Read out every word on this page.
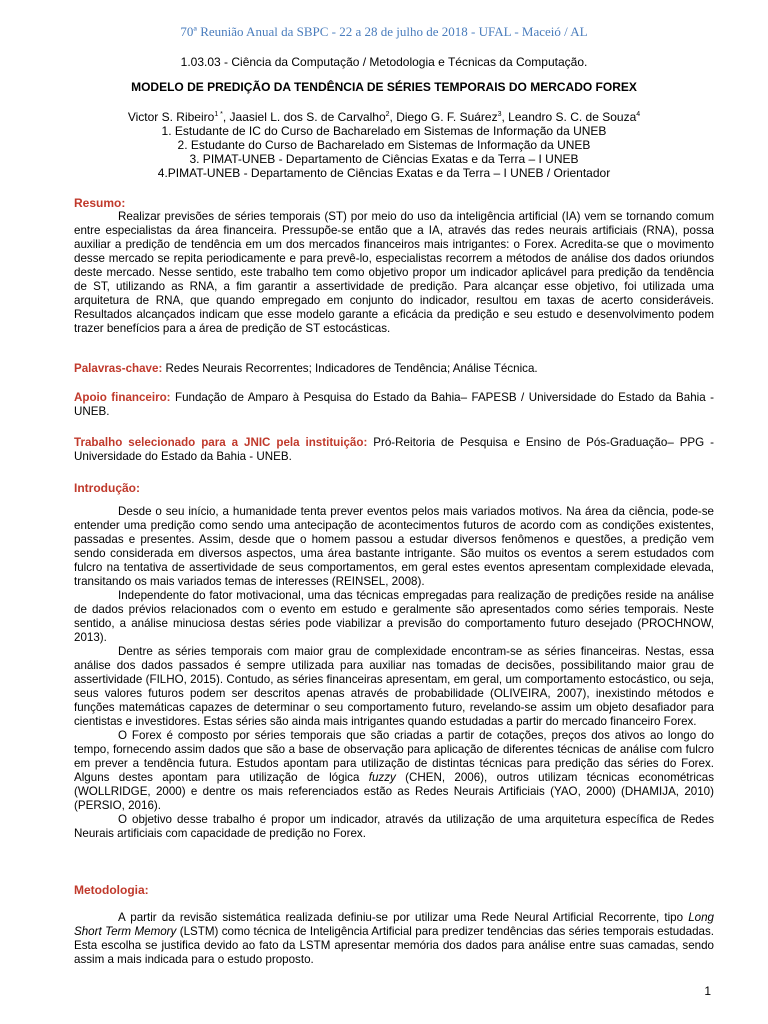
70ª Reunião Anual da SBPC - 22 a 28 de julho de 2018 - UFAL - Maceió / AL
1.03.03 - Ciência da Computação / Metodologia e Técnicas da Computação.
MODELO DE PREDIÇÃO DA TENDÊNCIA DE SÉRIES TEMPORAIS DO MERCADO FOREX
Victor S. Ribeiro$^{1 *}$, Jaasiel L. dos S. de Carvalho$^2$, Diego G. F. Suárez$^3$, Leandro S. C. de Souza$^4$
1. Estudante de IC do Curso de Bacharelado em Sistemas de Informação da UNEB
2. Estudante do Curso de Bacharelado em Sistemas de Informação da UNEB
3. PIMAT-UNEB - Departamento de Ciências Exatas e da Terra – I UNEB
4.PIMAT-UNEB - Departamento de Ciências Exatas e da Terra – I UNEB / Orientador
Resumo:

Realizar previsões de séries temporais (ST) por meio do uso da inteligência artificial (IA) vem se tornando comum entre especialistas da área financeira. Pressupõe-se então que a IA, através das redes neurais artificiais (RNA), possa auxiliar a predição de tendência em um dos mercados financeiros mais intrigantes: o Forex. Acredita-se que o movimento desse mercado se repita periodicamente e para prevê-lo, especialistas recorrem a métodos de análise dos dados oriundos deste mercado. Nesse sentido, este trabalho tem como objetivo propor um indicador aplicável para predição da tendência de ST, utilizando as RNA, a fim garantir a assertividade de predição. Para alcançar esse objetivo, foi utilizada uma arquitetura de RNA, que quando empregado em conjunto do indicador, resultou em taxas de acerto consideráveis. Resultados alcançados indicam que esse modelo garante a eficácia da predição e seu estudo e desenvolvimento podem trazer benefícios para a área de predição de ST estocásticas.

Palavras-chave: Redes Neurais Recorrentes; Indicadores de Tendência; Análise Técnica.

Apoio financeiro: Fundação de Amparo à Pesquisa do Estado da Bahia– FAPESB / Universidade do Estado da Bahia - UNEB.

Trabalho selecionado para a JNIC pela instituição: Pró-Reitoria de Pesquisa e Ensino de Pós-Graduação– PPG - Universidade do Estado da Bahia - UNEB.

Introdução:

Desde o seu início, a humanidade tenta prever eventos pelos mais variados motivos. Na área da ciência, pode-se entender uma predição como sendo uma antecipação de acontecimentos futuros de acordo com as condições existentes, passadas e presentes. Assim, desde que o homem passou a estudar diversos fenômenos e questões, a predição vem sendo considerada em diversos aspectos, uma área bastante intrigante. São muitos os eventos a serem estudados com fulcro na tentativa de assertividade de seus comportamentos, em geral estes eventos apresentam complexidade elevada, transitando os mais variados temas de interesses (REINSEL, 2008).

Independente do fator motivacional, uma das técnicas empregadas para realização de predições reside na análise de dados prévios relacionados com o evento em estudo e geralmente são apresentados como séries temporais. Neste sentido, a análise minuciosa destas séries pode viabilizar a previsão do comportamento futuro desejado (PROCHNOW, 2013).

Dentre as séries temporais com maior grau de complexidade encontram-se as séries financeiras. Nestas, essa análise dos dados passados é sempre utilizada para auxiliar nas tomadas de decisões, possibilitando maior grau de assertividade (FILHO, 2015). Contudo, as séries financeiras apresentam, em geral, um comportamento estocástico, ou seja, seus valores futuros podem ser descritos apenas através de probabilidade (OLIVEIRA, 2007), inexistindo métodos e funções matemáticas capazes de determinar o seu comportamento futuro, revelando-se assim um objeto desafiador para cientistas e investidores. Estas séries são ainda mais intrigantes quando estudadas a partir do mercado financeiro Forex.

O Forex é composto por séries temporais que são criadas a partir de cotações, preços dos ativos ao longo do tempo, fornecendo assim dados que são a base de observação para aplicação de diferentes técnicas de análise com fulcro em prever a tendência futura. Estudos apontam para utilização de distintas técnicas para predição das séries do Forex. Alguns destes apontam para utilização de lógica fuzzy (CHEN, 2006), outros utilizam técnicas econométricas (WOLLRIDGE, 2000) e dentre os mais referenciados estão as Redes Neurais Artificiais (YAO, 2000) (DHAMIJA, 2010) (PERSIO, 2016).

O objetivo desse trabalho é propor um indicador, através da utilização de uma arquitetura específica de Redes Neurais artificiais com capacidade de predição no Forex.

Metodologia:

A partir da revisão sistemática realizada definiu-se por utilizar uma Rede Neural Artificial Recorrente, tipo Long Short Term Memory (LSTM) como técnica de Inteligência Artificial para predizer tendências das séries temporais estudadas. Esta escolha se justifica devido ao fato da LSTM apresentar memória dos dados para análise entre suas camadas, sendo assim a mais indicada para o estudo proposto.

1
